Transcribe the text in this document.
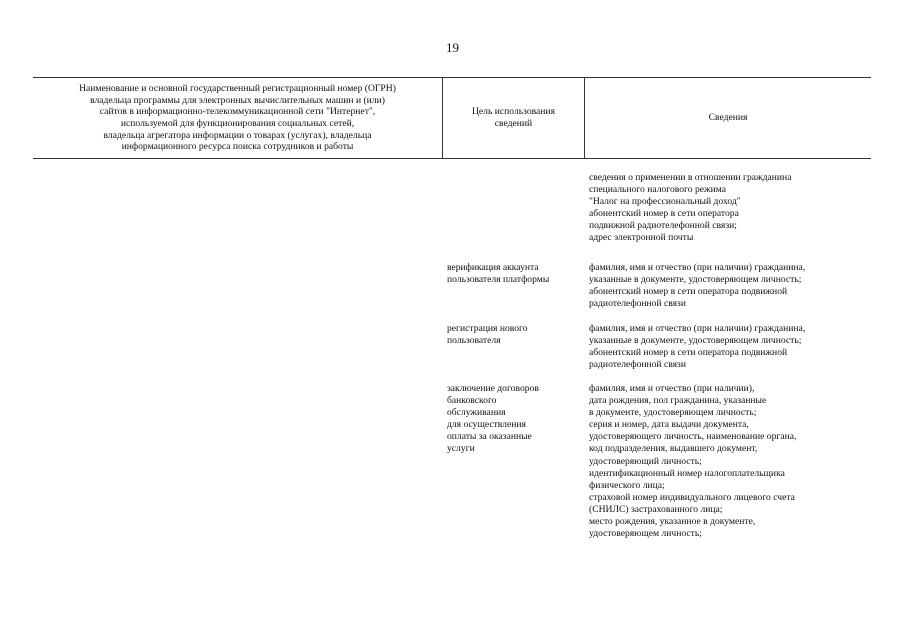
19
Наименование и основной государственный регистрационный номер (ОГРН)
владельца программы для электронных вычислительных машин и (или)
сайтов в информационно-телекоммуникационной сети "Интернет",
используемой для функционирования социальных сетей,
владельца агрегатора информации о товарах (услугах), владельца
информационного ресурса поиска сотрудников и работы
Цель использования
сведений
Сведения
сведения о применении в отношении гражданина
специального налогового режима
"Налог на профессиональный доход"
абонентский номер в сети оператора
подвижной радиотелефонной связи;
адрес электронной почты
верификация аккаунта
пользователя платформы
фамилия, имя и отчество (при наличии) гражданина,
указанные в документе, удостоверяющем личность;
абонентский номер в сети оператора подвижной
радиотелефонной связи
регистрация нового
пользователя
фамилия, имя и отчество (при наличии) гражданина,
указанные в документе, удостоверяющем личность;
абонентский номер в сети оператора подвижной
радиотелефонной связи
заключение договоров
банковского
обслуживания
для осуществления
оплаты за оказанные
услуги
фамилия, имя и отчество (при наличии),
дата рождения, пол гражданина, указанные
в документе, удостоверяющем личность;
серия и номер, дата выдачи документа,
удостоверяющего личность, наименование органа,
код подразделения, выдавшего документ,
удостоверяющий личность;
идентификационный номер налогоплательщика
физического лица;
страховой номер индивидуального лицевого счета
(СНИЛС) застрахованного лица;
место рождения, указанное в документе,
удостоверяющем личность;
